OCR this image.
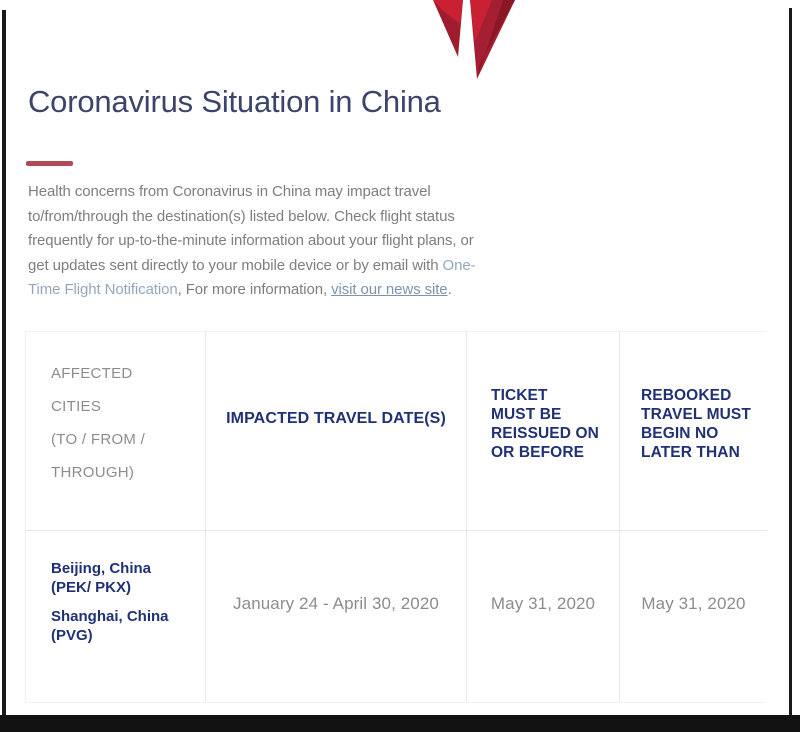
Coronavirus Situation in China

Health concerns from Coronavirus in China may impact travel
to/from/through the destination(s) listed below. Check flight status
frequently for up-to-the-minute information about your flight plans, or
get updates sent directly to your mobile device or by email with One-
Time Flight Notification, For more information, visit our news site.

AFFECTED CITIES
(TO / FROM /
THROUGH)
IMPACTED TRAVEL DATE(S)
TICKET
MUST BE
REISSUED ON
OR BEFORE
REBOOKED
TRAVEL MUST
BEGIN NO
LATER THAN
Beijing, China
(PEK/ PKX)
Shanghai, China
(PVG)
January 24 - April 30, 2020	May 31, 2020	May 31, 2020
